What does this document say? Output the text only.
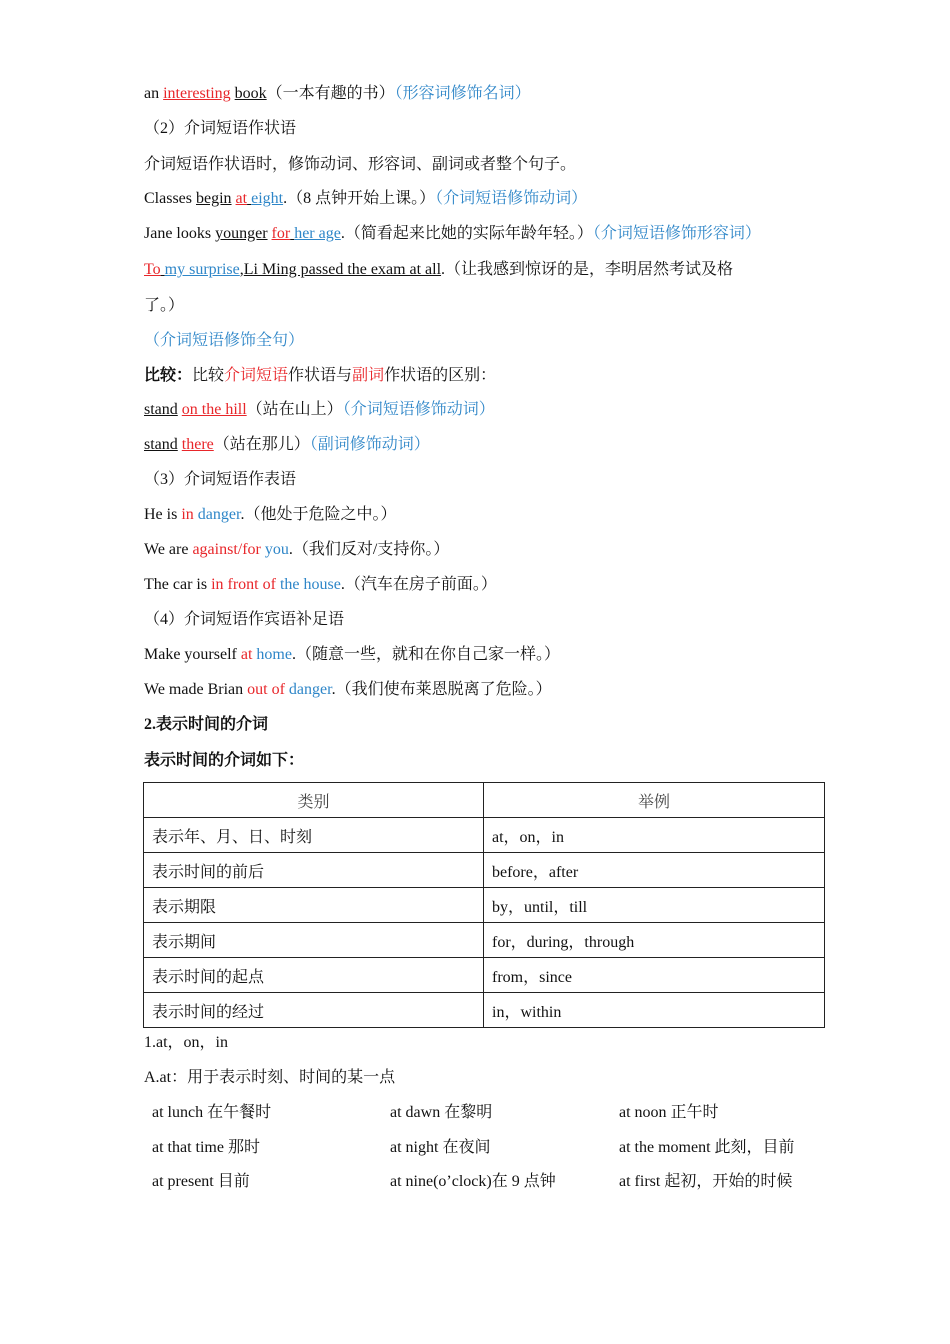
an interesting book（一本有趣的书）（形容词修饰名词）
（2）介词短语作状语
介词短语作状语时，修饰动词、形容词、副词或者整个句子。
Classes begin at eight.（8 点钟开始上课。）（介词短语修饰动词）
Jane looks younger for her age.（简看起来比她的实际年龄年轻。）（介词短语修饰形容词）
To my surprise,Li Ming passed the exam at all.（让我感到惊讶的是，李明居然考试及格
了。）
（介词短语修饰全句）
比较：比较介词短语作状语与副词作状语的区别：
stand on the hill（站在山上）（介词短语修饰动词）
stand there（站在那儿）（副词修饰动词）
（3）介词短语作表语
He is in danger.（他处于危险之中。）
We are against/for you.（我们反对/支持你。）
The car is in front of the house.（汽车在房子前面。）
（4）介词短语作宾语补足语
Make yourself at home.（随意一些，就和在你自己家一样。）
We made Brian out of danger.（我们使布莱恩脱离了危险。）
2.表示时间的介词
表示时间的介词如下：
类别	举例
表示年、月、日、时刻	at，on，in
表示时间的前后	before，after
表示期限	by，until，till
表示期间	for，during，through
表示时间的起点	from，since
表示时间的经过	in，within
1.at，on，in
A.at：用于表示时刻、时间的某一点
at lunch 在午餐时	at dawn 在黎明	at noon 正午时
at that time 那时	at night 在夜间	at the moment 此刻，目前
at present 目前	at nine(o’clock)在 9 点钟	at first 起初，开始的时候
